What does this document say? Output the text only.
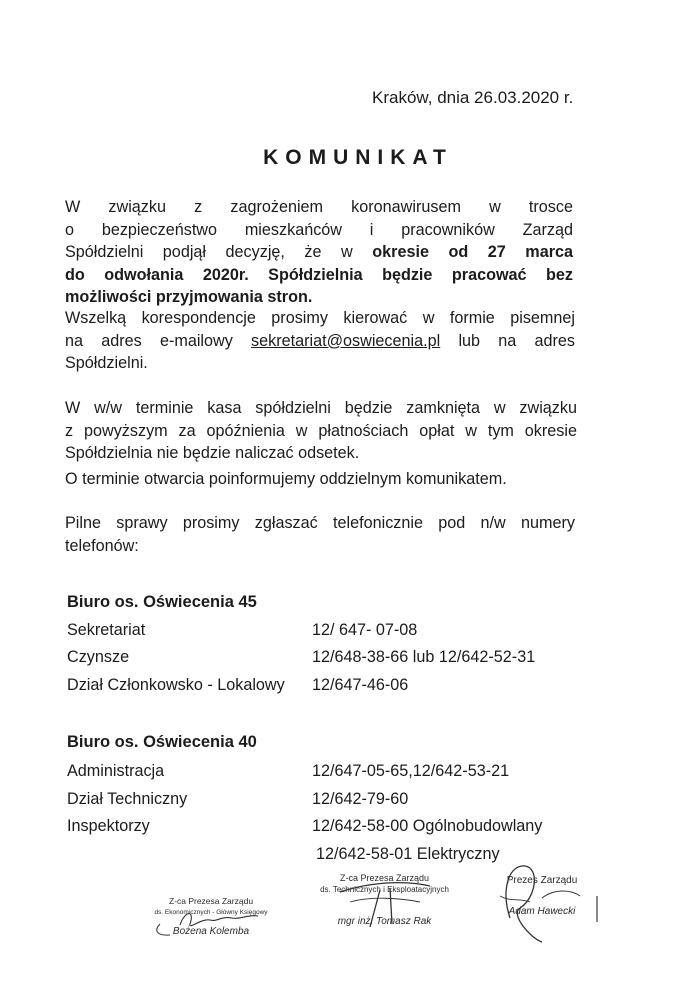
Kraków, dnia 26.03.2020 r.
KOMUNIKAT
W związku z zagrożeniem koronawirusem w trosce
o bezpieczeństwo mieszkańców i pracowników Zarząd
Spółdzielni podjął decyzję, że w okresie od 27 marca
do odwołania 2020r. Spółdzielnia będzie pracować bez
możliwości przyjmowania stron.
Wszelką korespondencje prosimy kierować w formie pisemnej
na adres e-mailowy sekretariat@oswiecenia.pl lub na adres
Spółdzielni.
W w/w terminie kasa spółdzielni będzie zamknięta w związku
z powyższym za opóźnienia w płatnościach opłat w tym okresie
Spółdzielnia nie będzie naliczać odsetek.
O terminie otwarcia poinformujemy oddzielnym komunikatem.
Pilne sprawy prosimy zgłaszać telefonicznie pod n/w numery
telefonów:
Biuro os. Oświecenia 45
Sekretariat	12/ 647- 07-08
Czynsze	12/648-38-66 lub 12/642-52-31
Dział Członkowsko - Lokalowy 12/647-46-06
Biuro os. Oświecenia 40
Administracja	12/647-05-65,12/642-53-21
Dział Techniczny	12/642-79-60
Inspektorzy	12/642-58-00 Ogólnobudowlany
12/642-58-01 Elektryczny
Z-ca Prezesa Zarządu
ds. Ekonomicznych - Główny Księgowy
Bożena Kolemba
Z-ca Prezesa Zarządu
ds. Technicznych i Eksploatacyjnych
mgr inż. Tomasz Rak
Prezes Zarządu
Adam Hawecki
